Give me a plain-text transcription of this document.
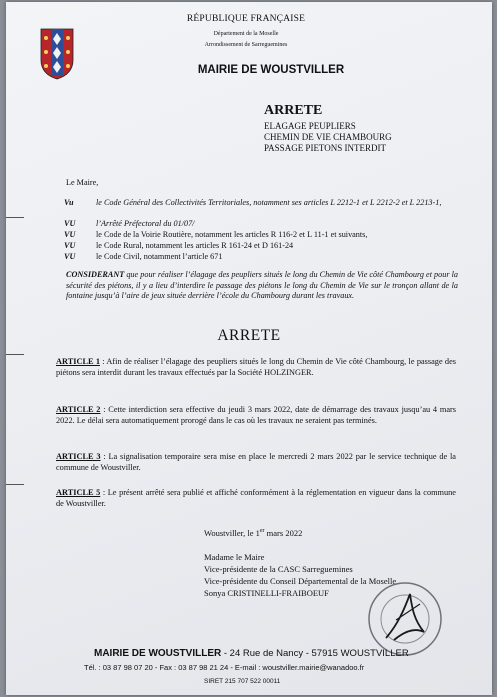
RÉPUBLIQUE FRANÇAISE
Département de la Moselle
Arrondissement de Sarreguemines
MAIRIE DE WOUSTVILLER
ARRETE
ELAGAGE PEUPLIERS
CHEMIN DE VIE CHAMBOURG
PASSAGE PIETONS INTERDIT
Le Maire,
Vu	le Code Général des Collectivités Territoriales, notamment ses articles L 2212-1 et L 2212-2 et L 2213-1,
VU	l’Arrêté Préfectoral du 01/07/
VU	le Code de la Voirie Routière, notamment les articles R 116-2 et L 11-1 et suivants,
VU	le Code Rural, notamment les articles R 161-24 et D 161-24
VU	le Code Civil, notamment l’article 671
CONSIDERANT que pour réaliser l’élagage des peupliers situés le long du Chemin de Vie côté Chambourg et pour la sécurité des piétons, il y a lieu d’interdire le passage des piétons le long du Chemin de Vie sur le tronçon allant de la fontaine jusqu’à l’aire de jeux située derrière l’école du Chambourg durant les travaux.
ARRETE
ARTICLE 1 : Afin de réaliser l’élagage des peupliers situés le long du Chemin de Vie côté Chambourg, le passage des piétons sera interdit durant les travaux effectués par la Société HOLZINGER.
ARTICLE 2 : Cette interdiction sera effective du jeudi 3 mars 2022, date de démarrage des travaux jusqu’au 4 mars 2022. Le délai sera automatiquement prorogé dans le cas où les travaux ne seraient pas terminés.
ARTICLE 3 : La signalisation temporaire sera mise en place le mercredi 2 mars 2022 par le service technique de la commune de Woustviller.
ARTICLE 5 : Le présent arrêté sera publié et affiché conformément à la réglementation en vigueur dans la commune de Woustviller.
Woustviller, le 1er mars 2022
Madame le Maire
Vice-présidente de la CASC Sarreguemines
Vice-présidente du Conseil Départemental de la Moselle
Sonya CRISTINELLI-FRAIBOEUF
MAIRIE DE WOUSTVILLER - 24 Rue de Nancy - 57915 WOUSTVILLER
Tél. : 03 87 98 07 20 - Fax : 03 87 98 21 24 - E-mail : woustviller.mairie@wanadoo.fr
SIRET 215 707 522 00011
